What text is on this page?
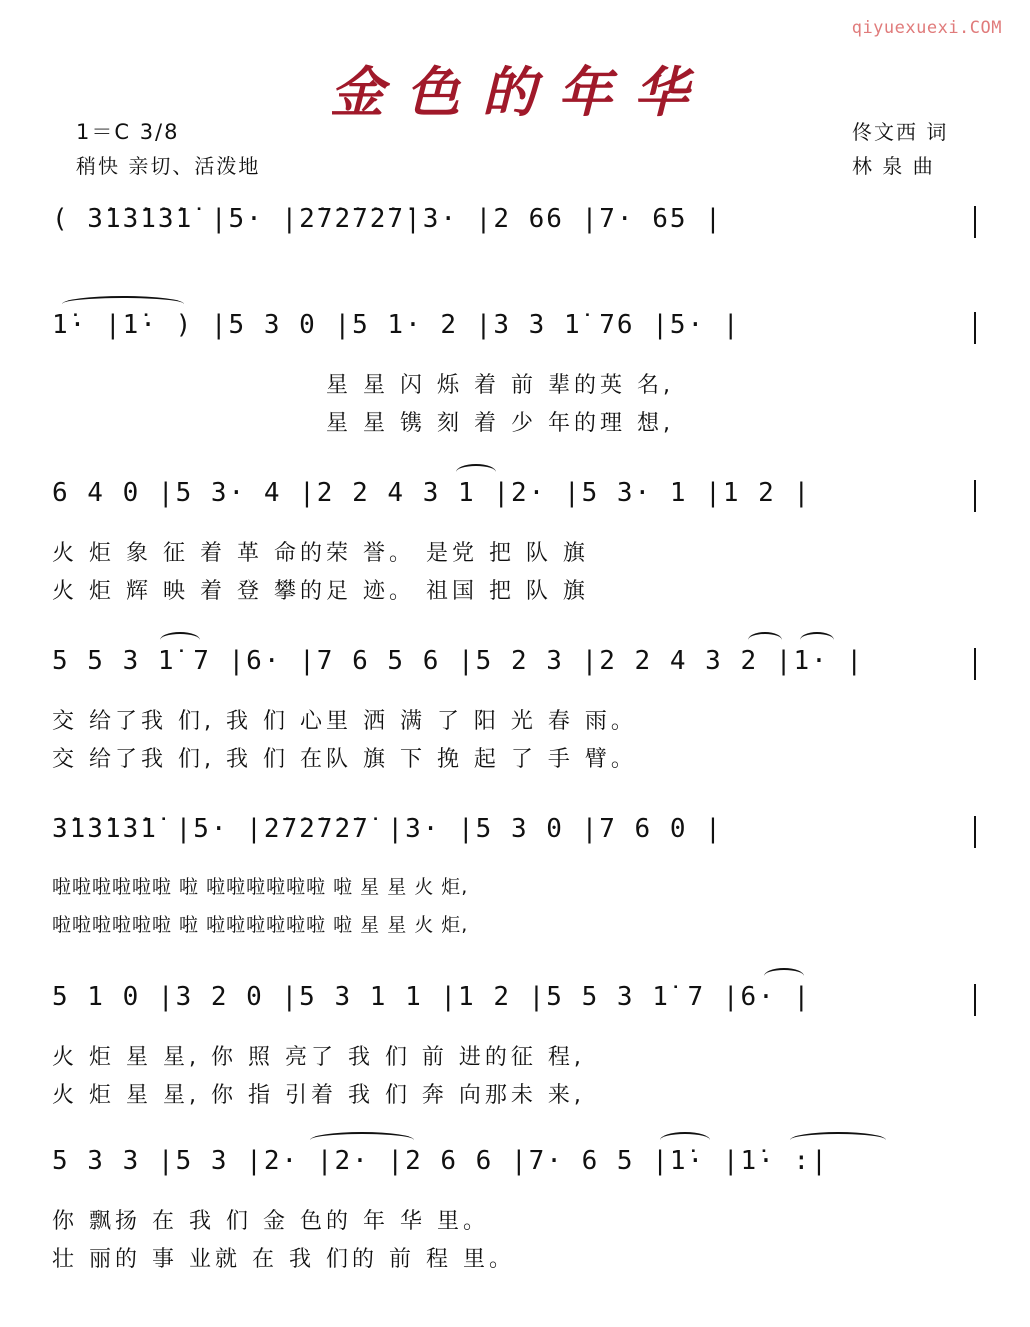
qiyuexuexi.COM
金色的年华
1＝C 3/8
稍快 亲切、活泼地
佟文西 词
林 泉 曲
( 3̇1̇3̇1̇3̇1̇ |5· |2̇7̇2̇7̇2̇7̇|3· |2 66 |7· 65 |
1̇· |1̇· ) |5 3 0 |5 1· 2 |3 3 1̇ 76 |5· |
星 星 闪 烁 着 前 辈的英 名,
星 星 镌 刻 着 少 年的理 想,
6 4 0 |5 3· 4 |2 2 4 3 1 |2· |5 3· 1 |1 2 |
火 炬 象 征 着 革 命的荣 誉。 是党 把 队 旗
火 炬 辉 映 着 登 攀的足 迹。 祖国 把 队 旗
5 5 3 1̇ 7 |6· |7 6 5 6 |5 2 3 |2 2 4 3 2 |1· |
交 给了我 们, 我 们 心里 洒 满 了 阳 光 春 雨。
交 给了我 们, 我 们 在队 旗 下 挽 起 了 手 臂。
3̇1̇3̇1̇3̇1̇ |5· |2̇7̇2̇7̇2̇7̇ |3· |5 3 0 |7 6 0 |
啦啦啦啦啦啦 啦 啦啦啦啦啦啦 啦 星 星 火 炬,
啦啦啦啦啦啦 啦 啦啦啦啦啦啦 啦 星 星 火 炬,
5 1 0 |3 2 0 |5 3 1 1 |1 2 |5 5 3 1̇ 7 |6· |
火 炬 星 星, 你 照 亮了 我 们 前 进的征 程,
火 炬 星 星, 你 指 引着 我 们 奔 向那未 来,
5 3 3 |5 3 |2· |2· |2 6 6 |7· 6 5 |1̇· |1̇· :|
你 飘扬 在 我 们 金 色的 年 华 里。
壮 丽的 事 业就 在 我 们的 前 程 里。
